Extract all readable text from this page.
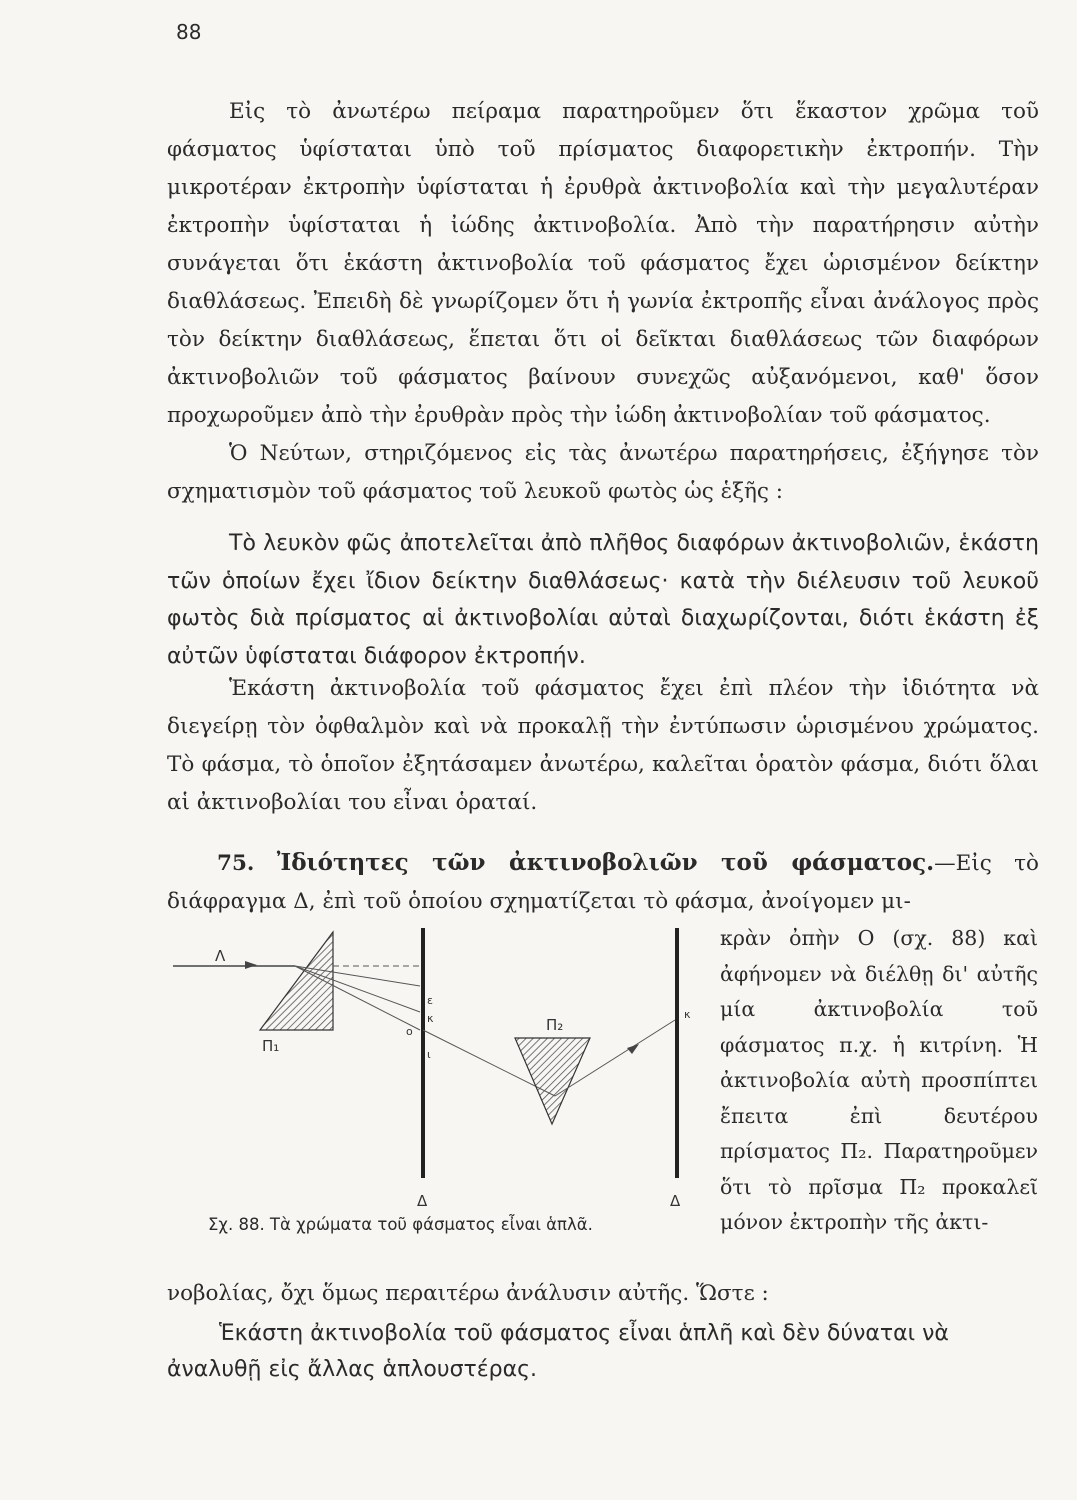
88

Εἰς τὸ ἀνωτέρω πείραμα παρατηροῦμεν ὅτι ἕκαστον χρῶμα τοῦ φάσματος ὑφίσταται ὑπὸ τοῦ πρίσματος διαφορετικὴν ἐκτροπήν. Τὴν μικροτέραν ἐκτροπὴν ὑφίσταται ἡ ἐρυθρὰ ἀκτινοβολία καὶ τὴν μεγαλυτέραν ἐκτροπὴν ὑφίσταται ἡ ἰώδης ἀκτινοβολία. Ἀπὸ τὴν παρατήρησιν αὐτὴν συνάγεται ὅτι ἑκάστη ἀκτινοβολία τοῦ φάσματος ἔχει ὡρισμένον δείκτην διαθλάσεως. Ἐπειδὴ δὲ γνωρίζομεν ὅτι ἡ γωνία ἐκτροπῆς εἶναι ἀνάλογος πρὸς τὸν δείκτην διαθλάσεως, ἕπεται ὅτι οἱ δεῖκται διαθλάσεως τῶν διαφόρων ἀκτινοβολιῶν τοῦ φάσματος βαίνουν συνεχῶς αὐξανόμενοι, καθ' ὅσον προχωροῦμεν ἀπὸ τὴν ἐρυθρὰν πρὸς τὴν ἰώδη ἀκτινοβολίαν τοῦ φάσματος.

Ὁ Νεύτων, στηριζόμενος εἰς τὰς ἀνωτέρω παρατηρήσεις, ἐξήγησε τὸν σχηματισμὸν τοῦ φάσματος τοῦ λευκοῦ φωτὸς ὡς ἑξῆς :

Τὸ λευκὸν φῶς ἀποτελεῖται ἀπὸ πλῆθος διαφόρων ἀκτινοβολιῶν, ἑκάστη τῶν ὁποίων ἔχει ἴδιον δείκτην διαθλάσεως· κατὰ τὴν διέλευσιν τοῦ λευκοῦ φωτὸς διὰ πρίσματος αἱ ἀκτινοβολίαι αὐταὶ διαχωρίζονται, διότι ἑκάστη ἐξ αὐτῶν ὑφίσταται διάφορον ἐκτροπήν.

Ἑκάστη ἀκτινοβολία τοῦ φάσματος ἔχει ἐπὶ πλέον τὴν ἰδιότητα νὰ διεγείρῃ τὸν ὀφθαλμὸν καὶ νὰ προκαλῇ τὴν ἐντύπωσιν ὡρισμένου χρώματος. Τὸ φάσμα, τὸ ὁποῖον ἐξητάσαμεν ἀνωτέρω, καλεῖται ὁρατὸν φάσμα, διότι ὅλαι αἱ ἀκτινοβολίαι του εἶναι ὁραταί.

75. Ἰδιότητες τῶν ἀκτινοβολιῶν τοῦ φάσματος.—Εἰς τὸ διάφραγμα Δ, ἐπὶ τοῦ ὁποίου σχηματίζεται τὸ φάσμα, ἀνοίγομεν μι-
Λ
Π₁
Δ
ε
κ
ο
ι
Π₂
Δ
κ
Σχ. 88. Τὰ χρώματα τοῦ φάσματος εἶναι ἁπλᾶ.

κρὰν ὀπὴν Ο (σχ. 88) καὶ ἀφήνομεν νὰ διέλθῃ δι' αὐτῆς μία ἀκτινοβολία τοῦ φάσματος π.χ. ἡ κιτρίνη. Ἡ ἀκτινοβολία αὐτὴ προσπίπτει ἔπειτα ἐπὶ δευτέρου πρίσματος Π₂. Παρατηροῦμεν ὅτι τὸ πρῖσμα Π₂ προκαλεῖ μόνον ἐκτροπὴν τῆς ἀκτι-

νοβολίας, ὄχι ὅμως περαιτέρω ἀνάλυσιν αὐτῆς. Ὥστε :

Ἑκάστη ἀκτινοβολία τοῦ φάσματος εἶναι ἁπλῆ καὶ δὲν δύναται νὰ ἀναλυθῇ εἰς ἄλλας ἁπλουστέρας.
